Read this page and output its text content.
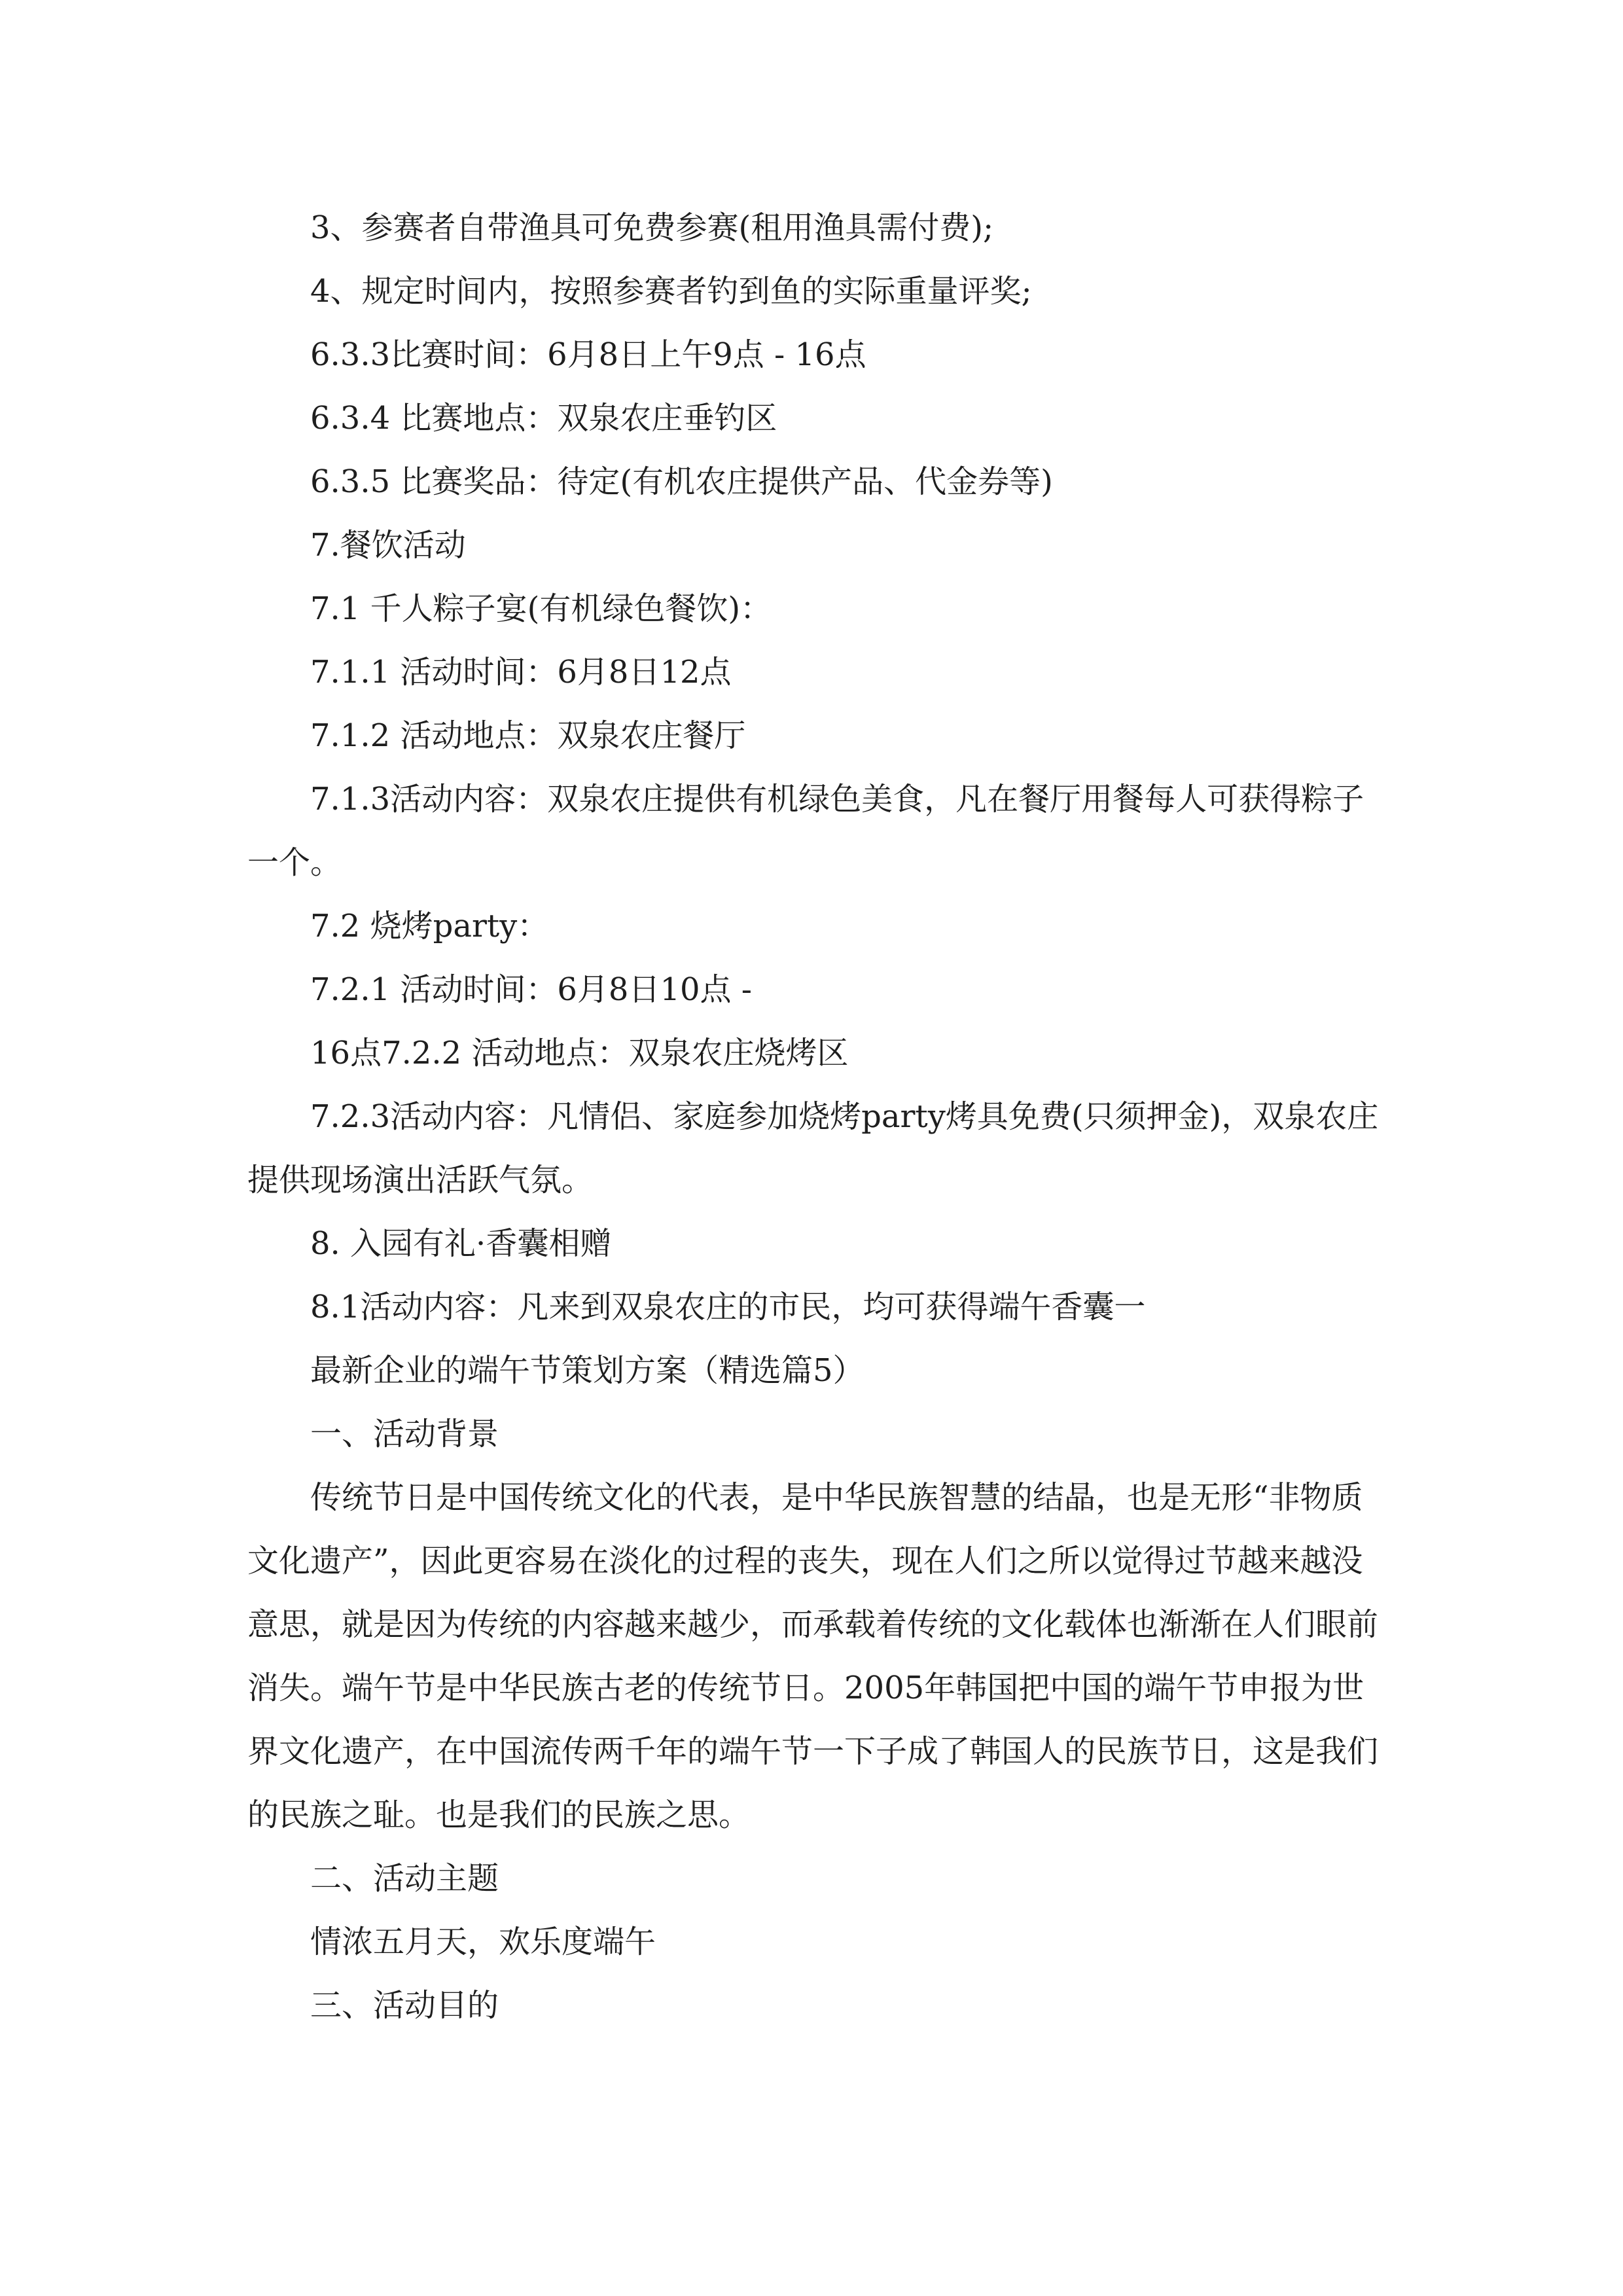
3、参赛者自带渔具可免费参赛(租用渔具需付费);

4、规定时间内，按照参赛者钓到鱼的实际重量评奖;

6.3.3比赛时间：6月8日上午9点 - 16点

6.3.4 比赛地点：双泉农庄垂钓区

6.3.5 比赛奖品：待定(有机农庄提供产品、代金券等)

7.餐饮活动

7.1 千人粽子宴(有机绿色餐饮)：

7.1.1 活动时间：6月8日12点

7.1.2 活动地点：双泉农庄餐厅

7.1.3活动内容：双泉农庄提供有机绿色美食，凡在餐厅用餐每人可获得粽子一个。

7.2 烧烤party：

7.2.1 活动时间：6月8日10点 -

16点7.2.2 活动地点：双泉农庄烧烤区

7.2.3活动内容：凡情侣、家庭参加烧烤party烤具免费(只须押金)，双泉农庄提供现场演出活跃气氛。

8. 入园有礼·香囊相赠

8.1活动内容：凡来到双泉农庄的市民，均可获得端午香囊一

最新企业的端午节策划方案（精选篇5）

一、活动背景

传统节日是中国传统文化的代表，是中华民族智慧的结晶，也是无形“非物质文化遗产”，因此更容易在淡化的过程的丧失，现在人们之所以觉得过节越来越没意思，就是因为传统的内容越来越少，而承载着传统的文化载体也渐渐在人们眼前消失。端午节是中华民族古老的传统节日。2005年韩国把中国的端午节申报为世界文化遗产，在中国流传两千年的端午节一下子成了韩国人的民族节日，这是我们的民族之耻。也是我们的民族之思。

二、活动主题

情浓五月天，欢乐度端午

三、活动目的
